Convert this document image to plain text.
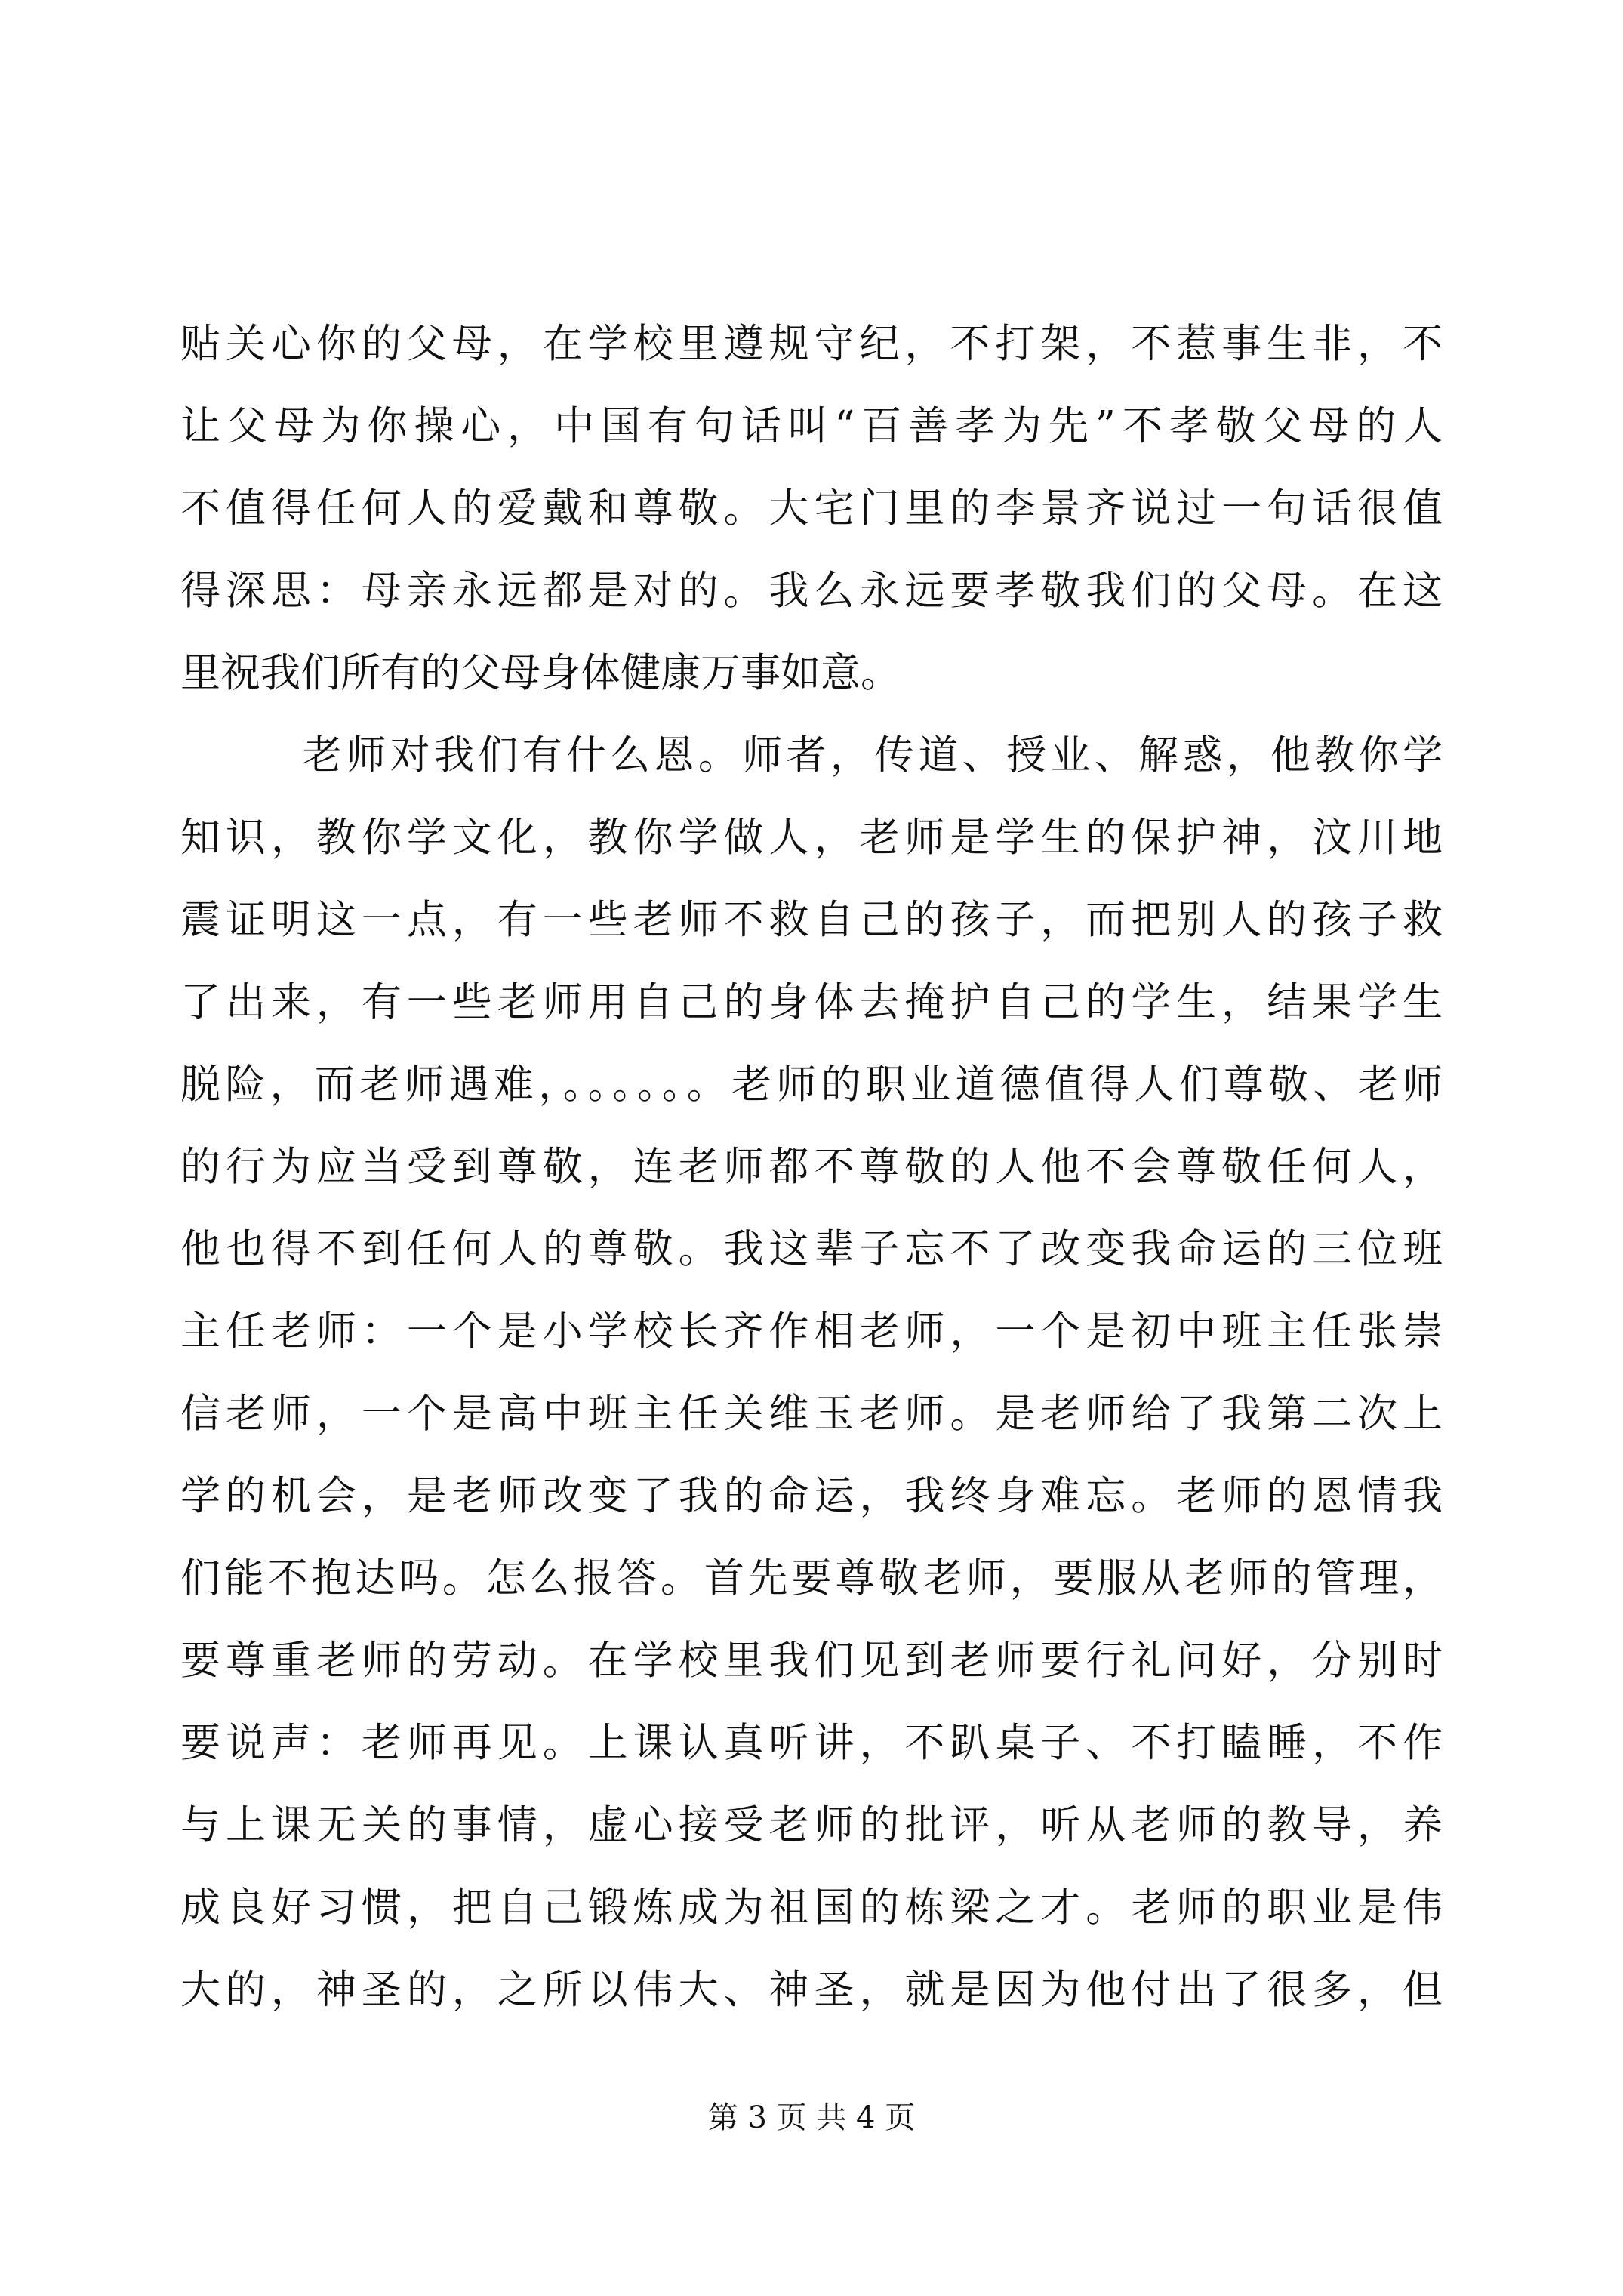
贴关心你的父母，在学校里遵规守纪，不打架，不惹事生非，不
让父母为你操心，中国有句话叫“百善孝为先”不孝敬父母的人
不值得任何人的爱戴和尊敬。大宅门里的李景齐说过一句话很值
得深思：母亲永远都是对的。我么永远要孝敬我们的父母。在这
里祝我们所有的父母身体健康万事如意。
老师对我们有什么恩。师者，传道、授业、解惑，他教你学
知识，教你学文化，教你学做人，老师是学生的保护神，汶川地
震证明这一点，有一些老师不救自己的孩子，而把别人的孩子救
了出来，有一些老师用自己的身体去掩护自己的学生，结果学生
脱险，而老师遇难，。。。。。。老师的职业道德值得人们尊敬、老师
的行为应当受到尊敬，连老师都不尊敬的人他不会尊敬任何人，
他也得不到任何人的尊敬。我这辈子忘不了改变我命运的三位班
主任老师：一个是小学校长齐作相老师，一个是初中班主任张崇
信老师，一个是高中班主任关维玉老师。是老师给了我第二次上
学的机会，是老师改变了我的命运，我终身难忘。老师的恩情我
们能不抱达吗。怎么报答。首先要尊敬老师，要服从老师的管理，
要尊重老师的劳动。在学校里我们见到老师要行礼问好，分别时
要说声：老师再见。上课认真听讲，不趴桌子、不打瞌睡，不作
与上课无关的事情，虚心接受老师的批评，听从老师的教导，养
成良好习惯，把自己锻炼成为祖国的栋梁之才。老师的职业是伟
大的，神圣的，之所以伟大、神圣，就是因为他付出了很多，但
第 3 页 共 4 页
